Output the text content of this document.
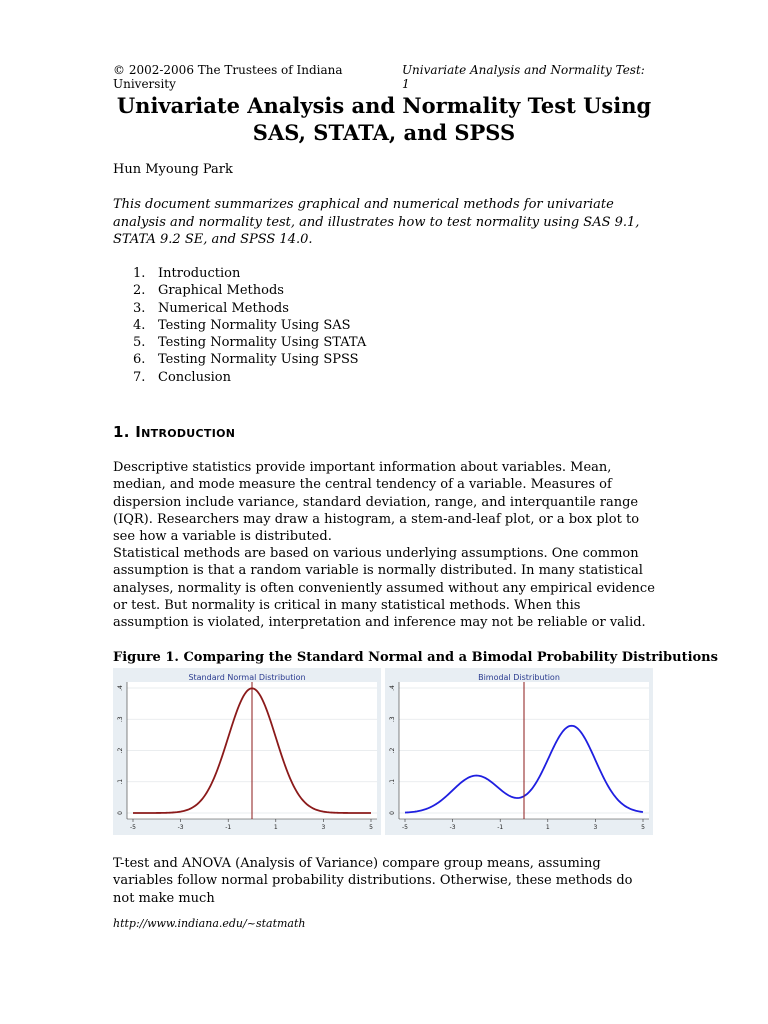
© 2002-2006 The Trustees of Indiana University
Univariate Analysis and Normality Test: 1
Univariate Analysis and Normality Test Using SAS, STATA, and SPSS
Hun Myoung Park
This document summarizes graphical and numerical methods for univariate analysis and normality test, and illustrates how to test normality using SAS 9.1, STATA 9.2 SE, and SPSS 14.0.
1. Introduction
2. Graphical Methods
3. Numerical Methods
4. Testing Normality Using SAS
5. Testing Normality Using STATA
6. Testing Normality Using SPSS
7. Conclusion
1. Introduction

Descriptive statistics provide important information about variables. Mean, median, and mode measure the central tendency of a variable. Measures of dispersion include variance, standard deviation, range, and interquantile range (IQR). Researchers may draw a histogram, a stem-and-leaf plot, or a box plot to see how a variable is distributed.

Statistical methods are based on various underlying assumptions. One common assumption is that a random variable is normally distributed. In many statistical analyses, normality is often conveniently assumed without any empirical evidence or test. But normality is critical in many statistical methods. When this assumption is violated, interpretation and inference may not be reliable or valid.

Figure 1. Comparing the Standard Normal and a Bimodal Probability Distributions
Standard Normal Distribution
0
.1
.2
.3
.4
-5	-3	-1	1	3	5
Bimodal Distribution
0
.1
.2
.3
.4
-5	-3	-1	1	3	5

T-test and ANOVA (Analysis of Variance) compare group means, assuming variables follow normal probability distributions. Otherwise, these methods do not make much

http://www.indiana.edu/~statmath
